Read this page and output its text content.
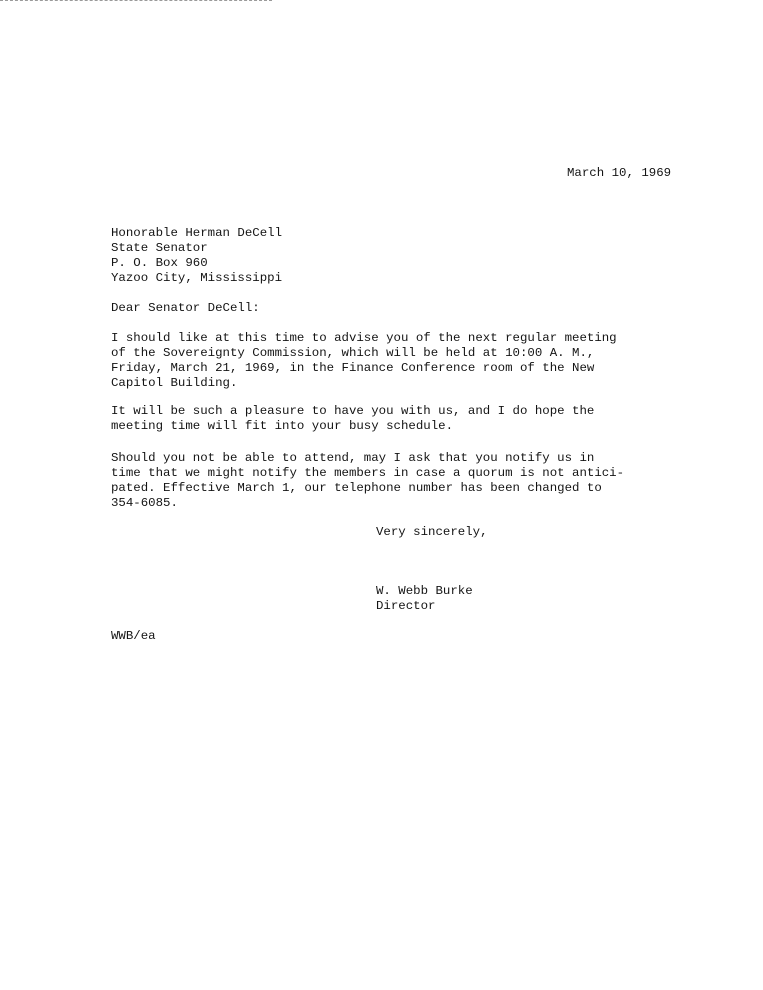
March 10, 1969
Honorable Herman DeCell
State Senator
P. O. Box 960
Yazoo City, Mississippi
Dear Senator DeCell:
I should like at this time to advise you of the next regular meeting
of the Sovereignty Commission, which will be held at 10:00 A. M.,
Friday, March 21, 1969, in the Finance Conference room of the New
Capitol Building.
It will be such a pleasure to have you with us, and I do hope the
meeting time will fit into your busy schedule.
Should you not be able to attend, may I ask that you notify us in
time that we might notify the members in case a quorum is not antici-
pated. Effective March 1, our telephone number has been changed to
354-6085.
Very sincerely,
W. Webb Burke
Director
WWB/ea
